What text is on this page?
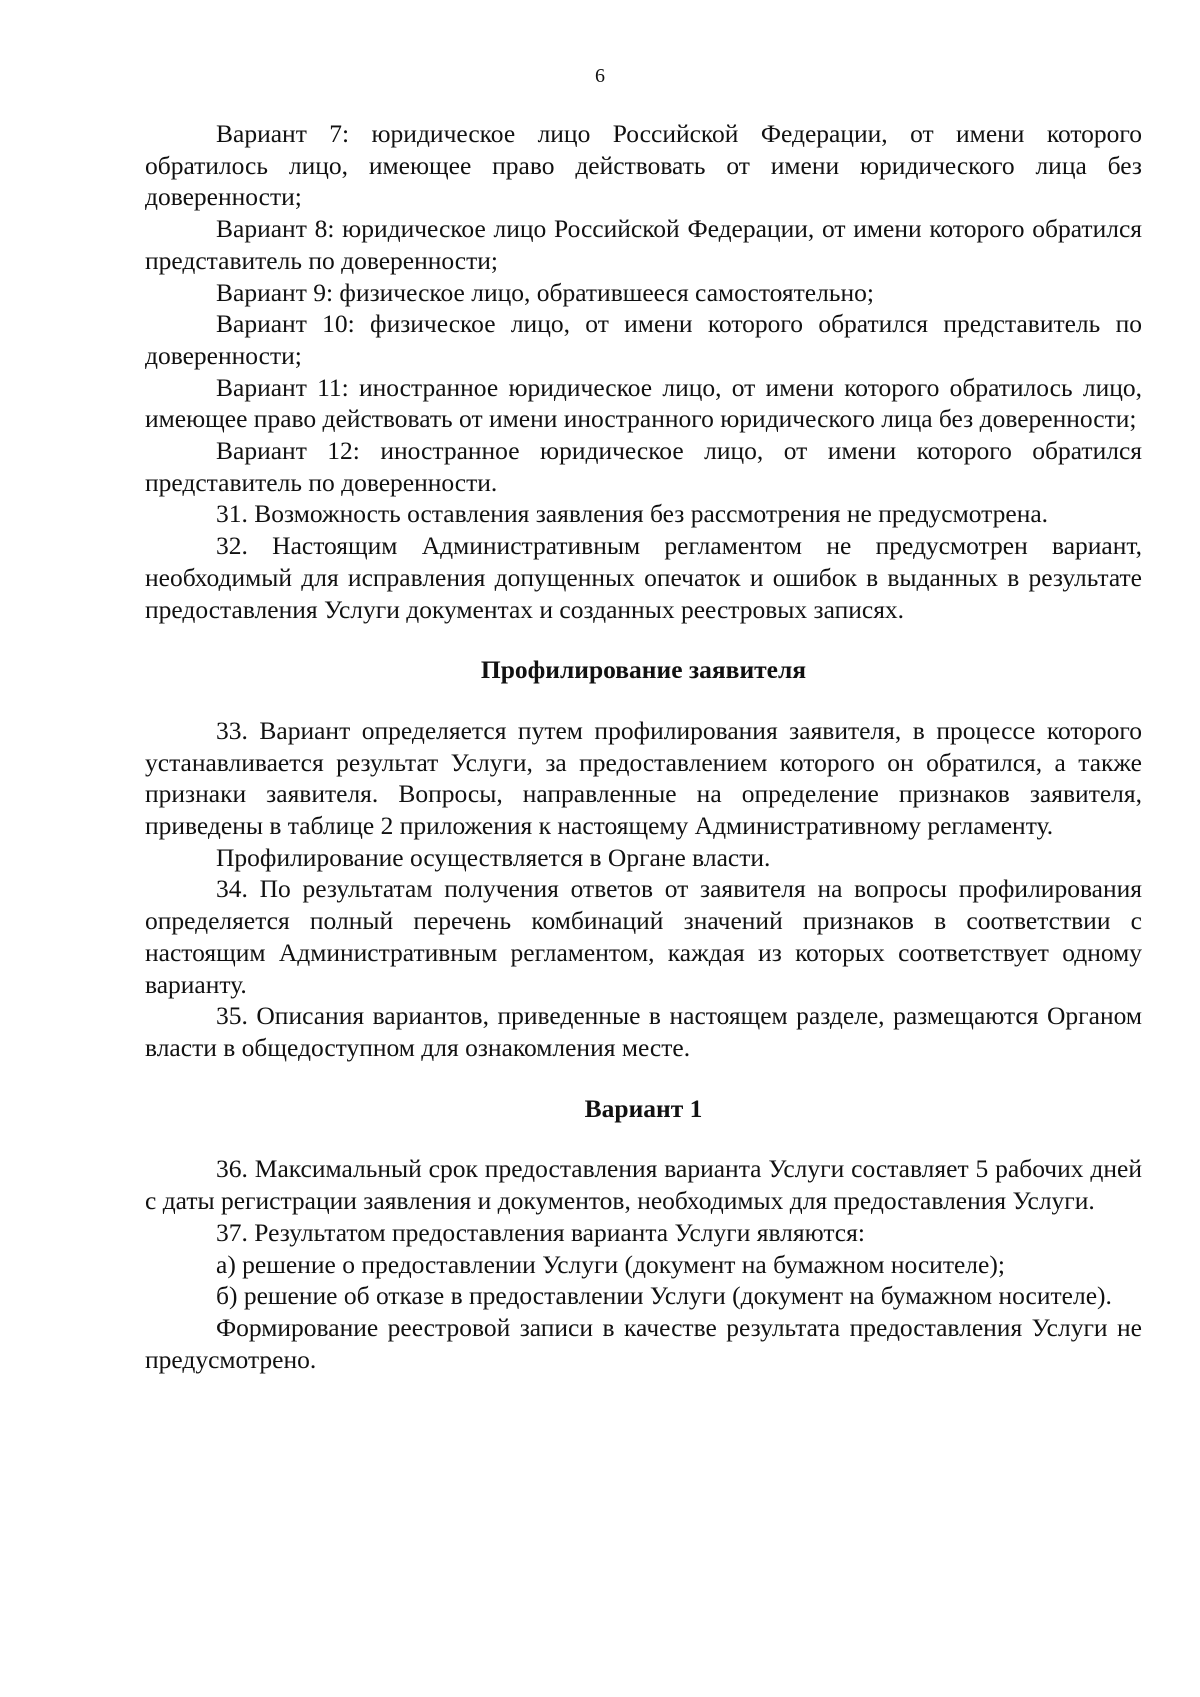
6

Вариант 7: юридическое лицо Российской Федерации, от имени которого обратилось лицо, имеющее право действовать от имени юридического лица без доверенности;

Вариант 8: юридическое лицо Российской Федерации, от имени которого обратился представитель по доверенности;

Вариант 9: физическое лицо, обратившееся самостоятельно;

Вариант 10: физическое лицо, от имени которого обратился представитель по доверенности;

Вариант 11: иностранное юридическое лицо, от имени которого обратилось лицо, имеющее право действовать от имени иностранного юридического лица без доверенности;

Вариант 12: иностранное юридическое лицо, от имени которого обратился представитель по доверенности.

31. Возможность оставления заявления без рассмотрения не предусмотрена.

32. Настоящим Административным регламентом не предусмотрен вариант, необходимый для исправления допущенных опечаток и ошибок в выданных в результате предоставления Услуги документах и созданных реестровых записях.

Профилирование заявителя

33. Вариант определяется путем профилирования заявителя, в процессе которого устанавливается результат Услуги, за предоставлением которого он обратился, а также признаки заявителя. Вопросы, направленные на определение признаков заявителя, приведены в таблице 2 приложения к настоящему Административному регламенту.

Профилирование осуществляется в Органе власти.

34. По результатам получения ответов от заявителя на вопросы профилирования определяется полный перечень комбинаций значений признаков в соответствии с настоящим Административным регламентом, каждая из которых соответствует одному варианту.

35. Описания вариантов, приведенные в настоящем разделе, размещаются Органом власти в общедоступном для ознакомления месте.

Вариант 1

36. Максимальный срок предоставления варианта Услуги составляет 5 рабочих дней с даты регистрации заявления и документов, необходимых для предоставления Услуги.

37. Результатом предоставления варианта Услуги являются:

а) решение о предоставлении Услуги (документ на бумажном носителе);

б) решение об отказе в предоставлении Услуги (документ на бумажном носителе).

Формирование реестровой записи в качестве результата предоставления Услуги не предусмотрено.
